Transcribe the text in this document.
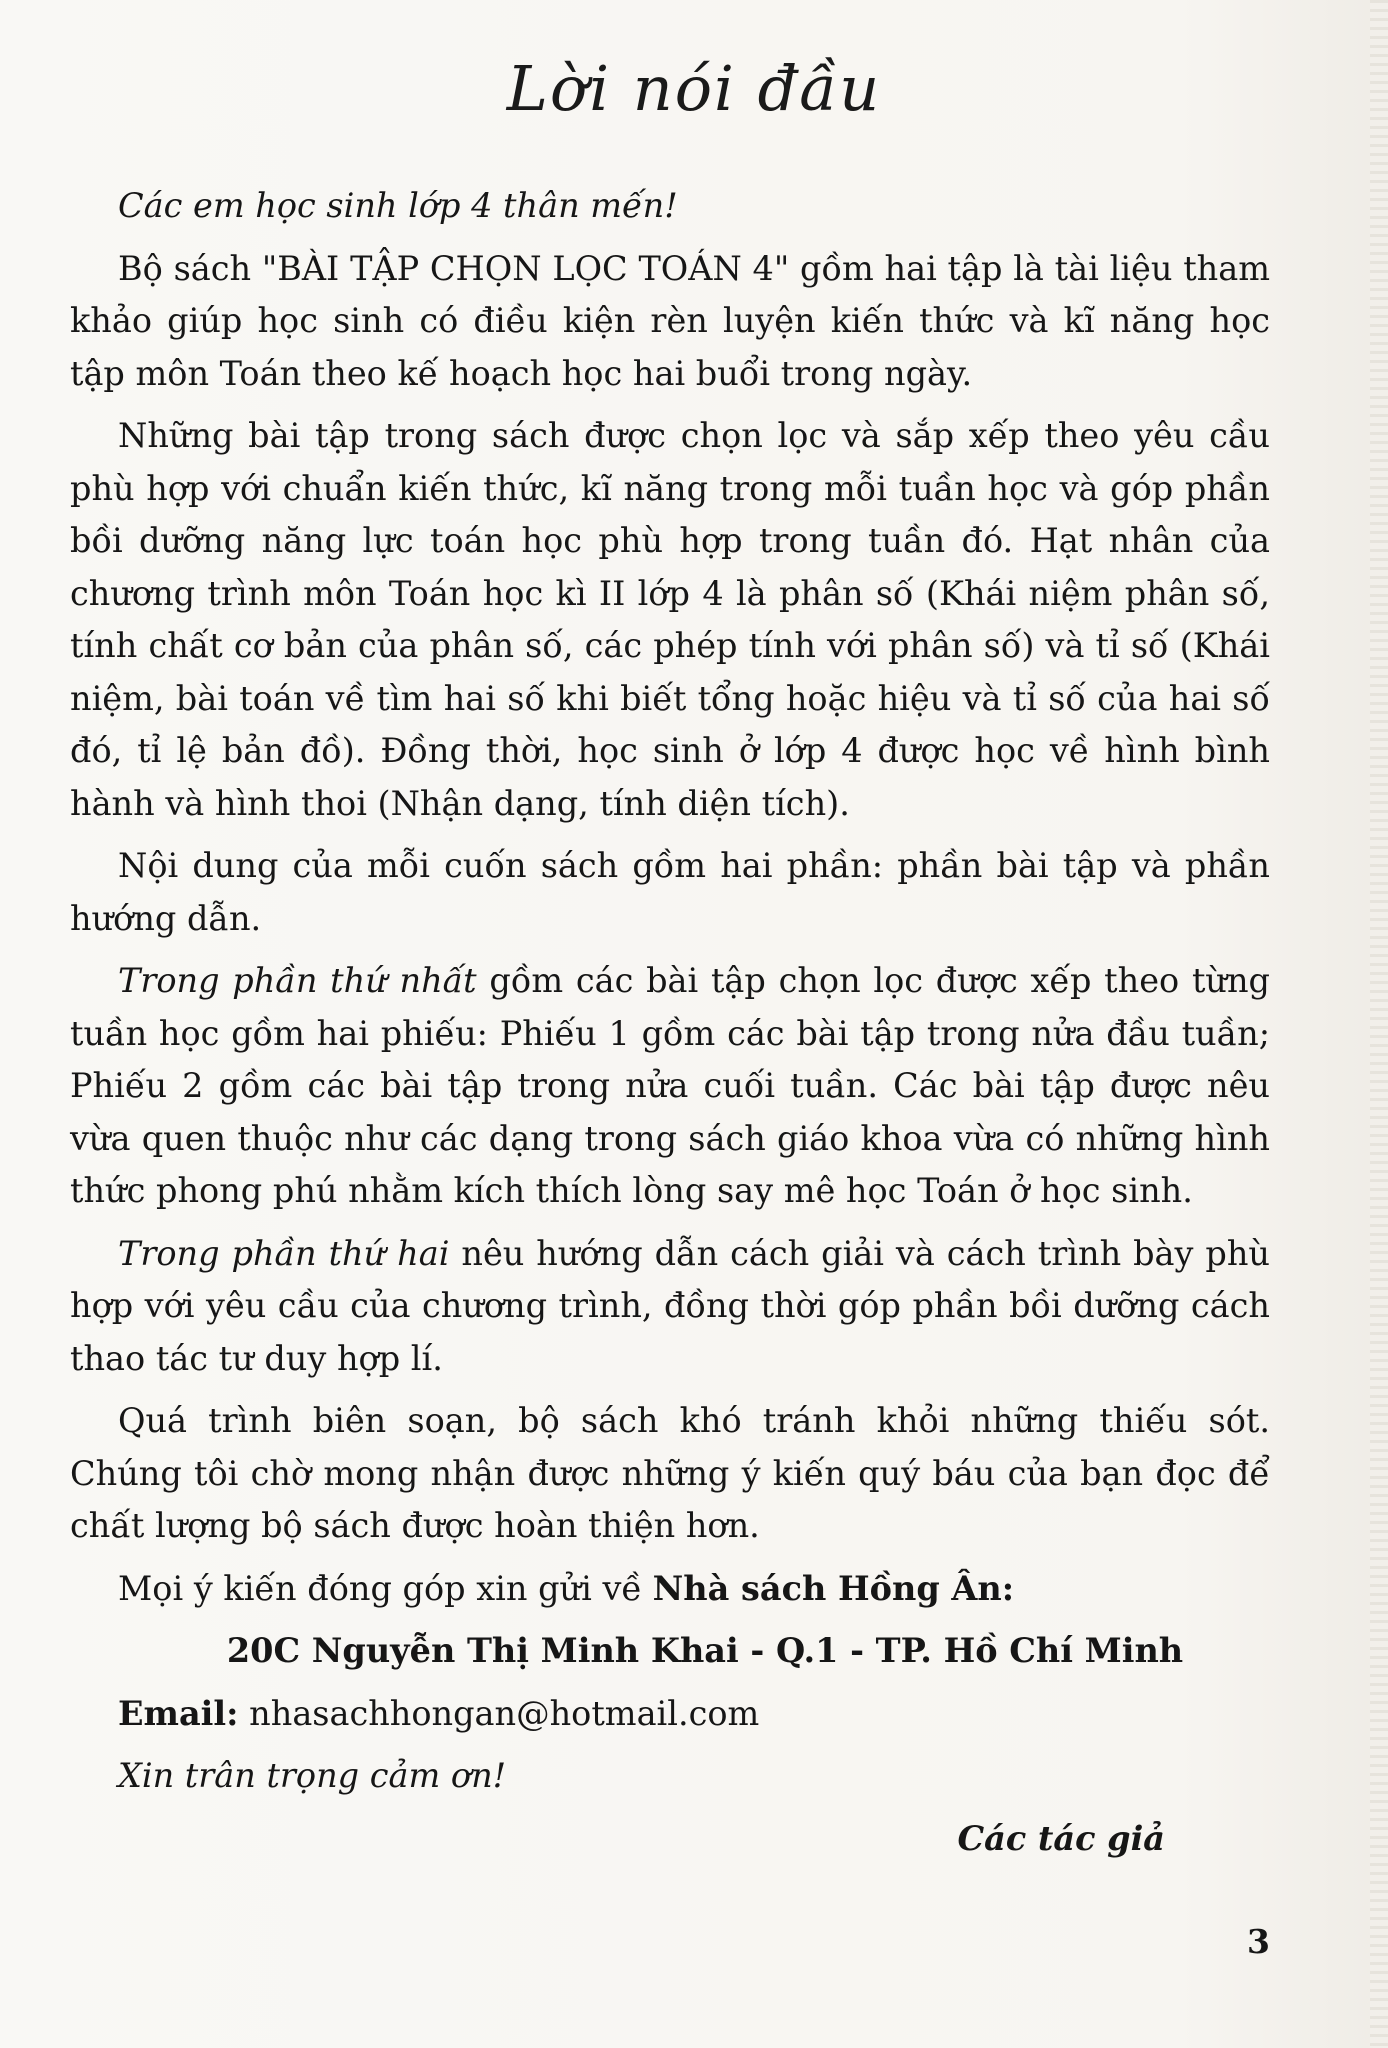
Lời nói đầu

Các em học sinh lớp 4 thân mến!

Bộ sách "BÀI TẬP CHỌN LỌC TOÁN 4" gồm hai tập là tài liệu tham khảo giúp học sinh có điều kiện rèn luyện kiến thức và kĩ năng học tập môn Toán theo kế hoạch học hai buổi trong ngày.

Những bài tập trong sách được chọn lọc và sắp xếp theo yêu cầu phù hợp với chuẩn kiến thức, kĩ năng trong mỗi tuần học và góp phần bồi dưỡng năng lực toán học phù hợp trong tuần đó. Hạt nhân của chương trình môn Toán học kì II lớp 4 là phân số (Khái niệm phân số, tính chất cơ bản của phân số, các phép tính với phân số) và tỉ số (Khái niệm, bài toán về tìm hai số khi biết tổng hoặc hiệu và tỉ số của hai số đó, tỉ lệ bản đồ). Đồng thời, học sinh ở lớp 4 được học về hình bình hành và hình thoi (Nhận dạng, tính diện tích).

Nội dung của mỗi cuốn sách gồm hai phần: phần bài tập và phần hướng dẫn.

Trong phần thứ nhất gồm các bài tập chọn lọc được xếp theo từng tuần học gồm hai phiếu: Phiếu 1 gồm các bài tập trong nửa đầu tuần; Phiếu 2 gồm các bài tập trong nửa cuối tuần. Các bài tập được nêu vừa quen thuộc như các dạng trong sách giáo khoa vừa có những hình thức phong phú nhằm kích thích lòng say mê học Toán ở học sinh.

Trong phần thứ hai nêu hướng dẫn cách giải và cách trình bày phù hợp với yêu cầu của chương trình, đồng thời góp phần bồi dưỡng cách thao tác tư duy hợp lí.

Quá trình biên soạn, bộ sách khó tránh khỏi những thiếu sót. Chúng tôi chờ mong nhận được những ý kiến quý báu của bạn đọc để chất lượng bộ sách được hoàn thiện hơn.

Mọi ý kiến đóng góp xin gửi về Nhà sách Hồng Ân:

20C Nguyễn Thị Minh Khai - Q.1 - TP. Hồ Chí Minh

Email: nhasachhongan@hotmail.com

Xin trân trọng cảm ơn!

Các tác giả

3
